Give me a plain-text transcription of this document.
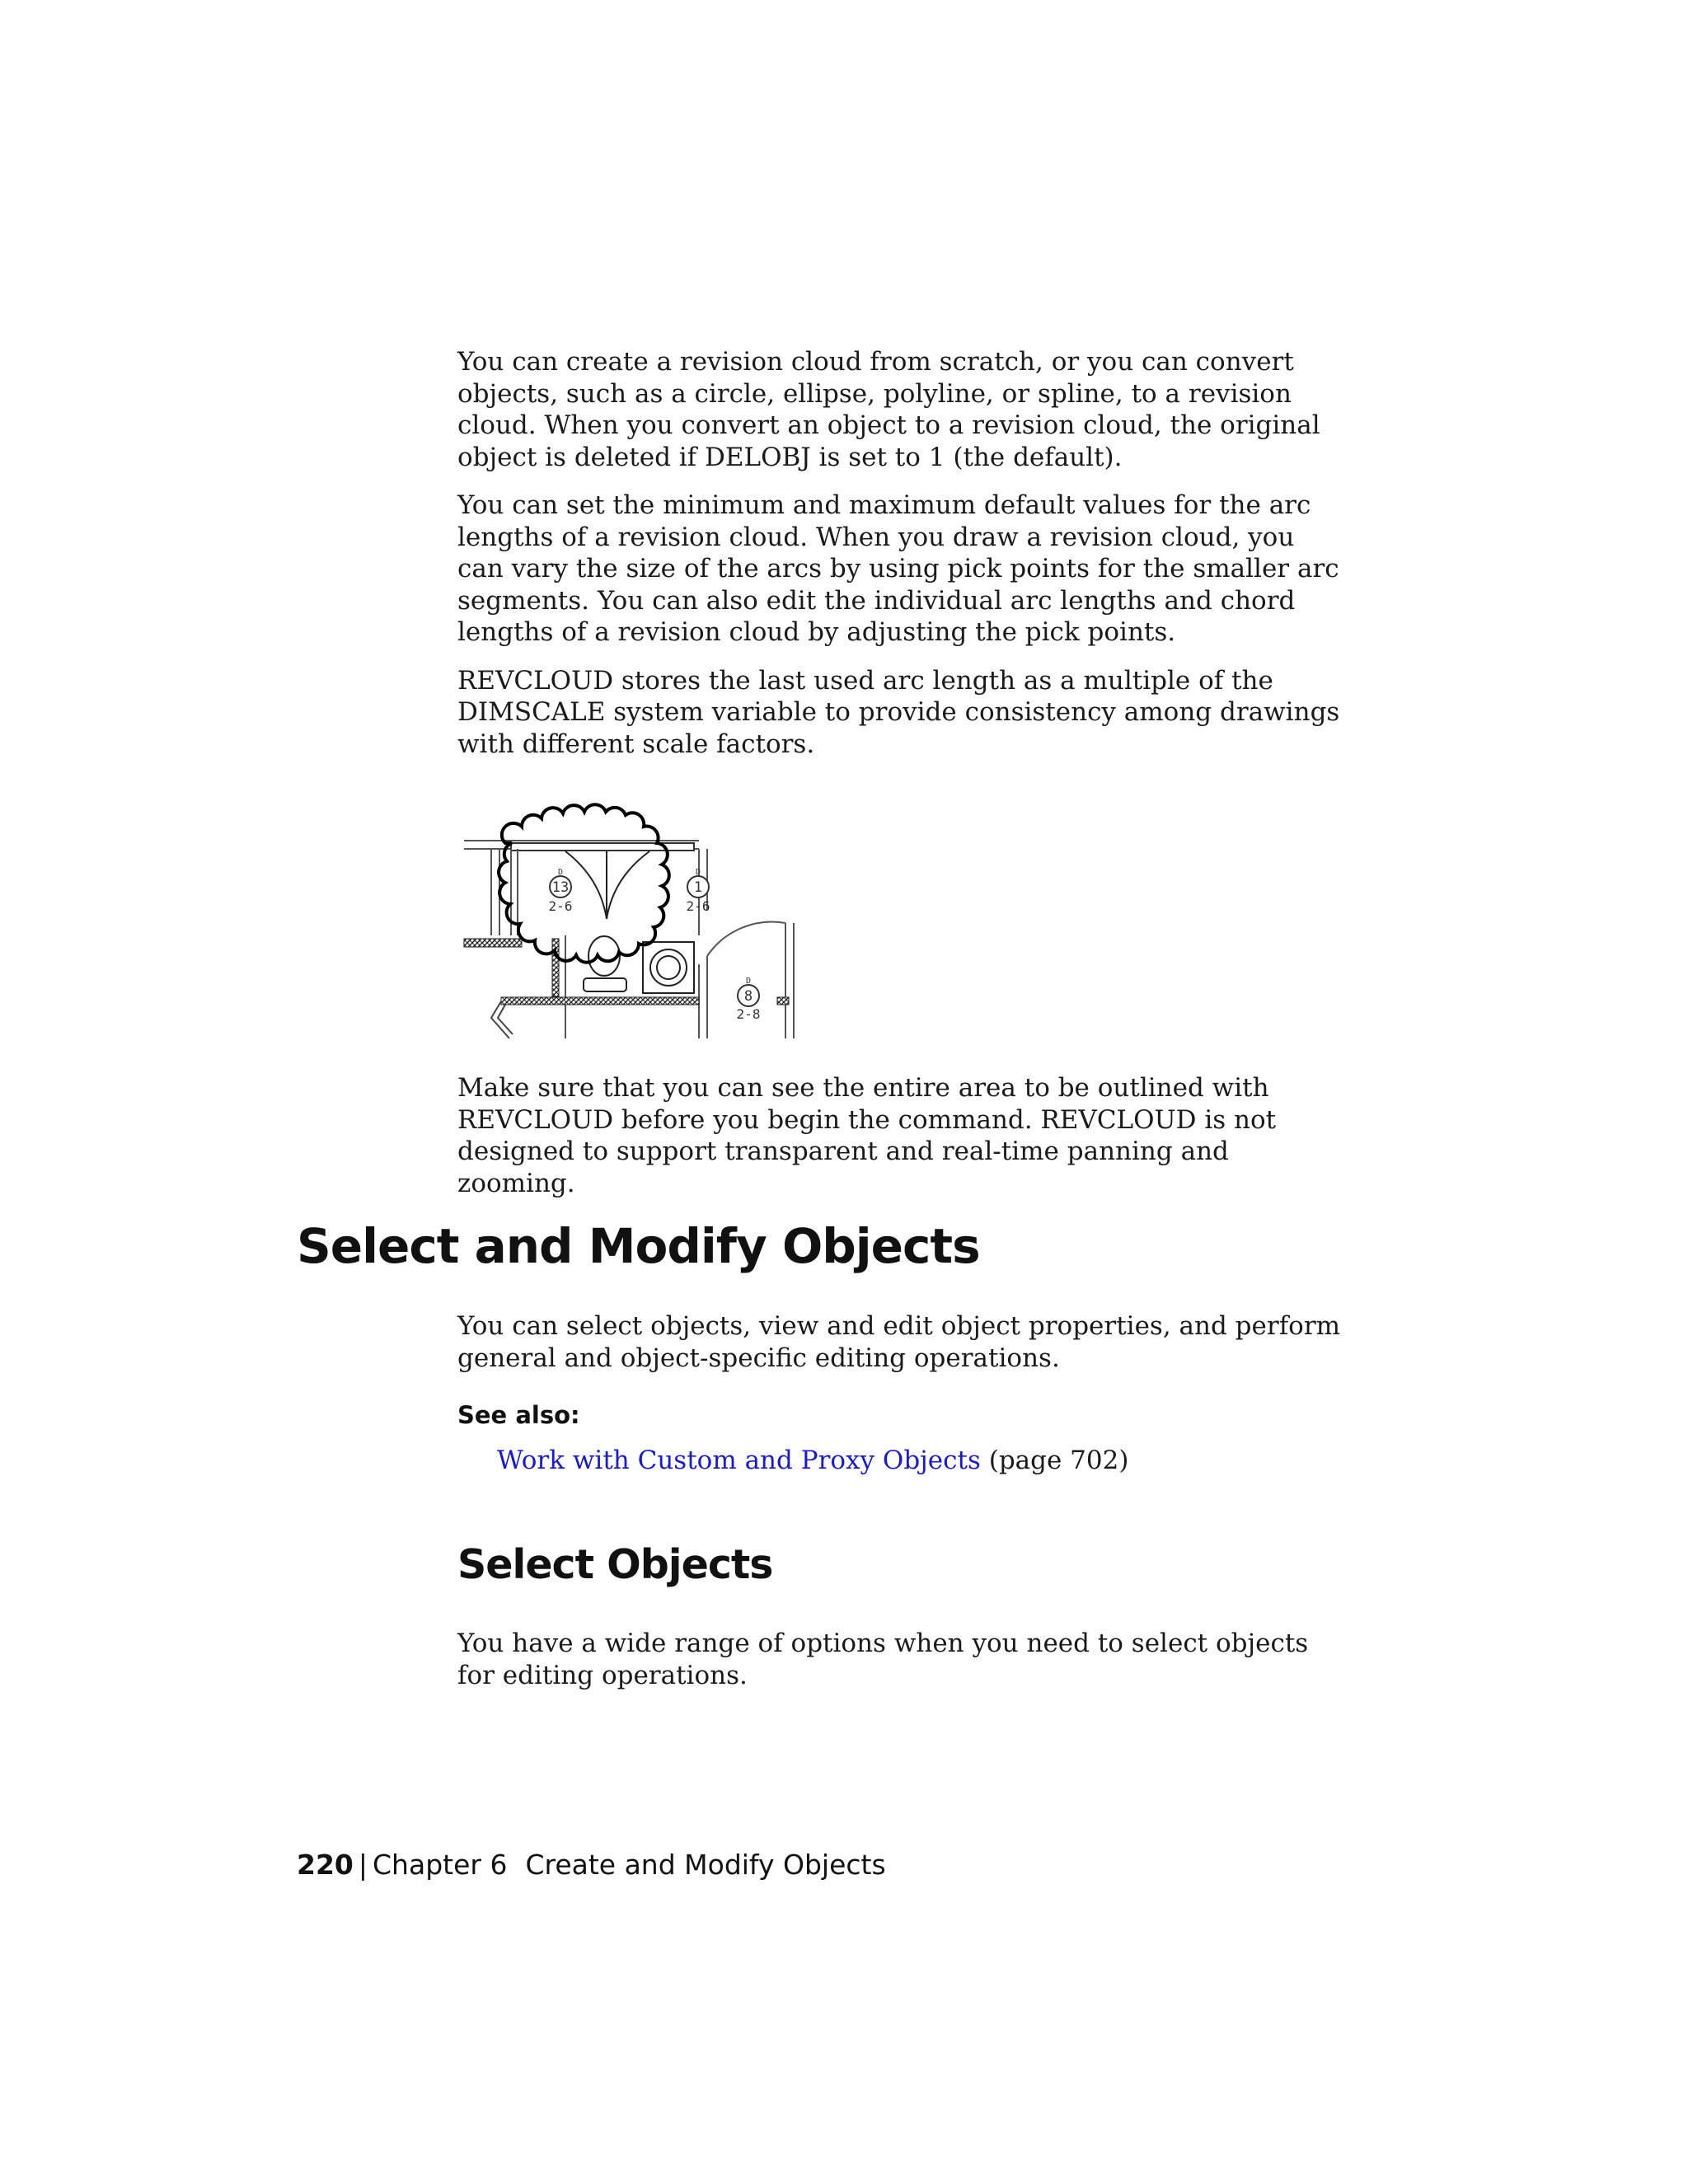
You can create a revision cloud from scratch, or you can convert objects, such as a circle, ellipse, polyline, or spline, to a revision cloud. When you convert an object to a revision cloud, the original object is deleted if DELOBJ is set to 1 (the default).

You can set the minimum and maximum default values for the arc lengths of a revision cloud. When you draw a revision cloud, you can vary the size of the arcs by using pick points for the smaller arc segments. You can also edit the individual arc lengths and chord lengths of a revision cloud by adjusting the pick points.

REVCLOUD stores the last used arc length as a multiple of the DIMSCALE system variable to provide consistency among drawings with different scale factors.

D
13
2-6
D
1
2-6
D
8
2-8

Make sure that you can see the entire area to be outlined with REVCLOUD before you begin the command. REVCLOUD is not designed to support transparent and real-time panning and zooming.

Select and Modify Objects

You can select objects, view and edit object properties, and perform general and object-specific editing operations.

See also:
Work with Custom and Proxy Objects (page 702)
Select Objects

You have a wide range of options when you need to select objects for editing operations.

220 | Chapter 6 Create and Modify Objects
